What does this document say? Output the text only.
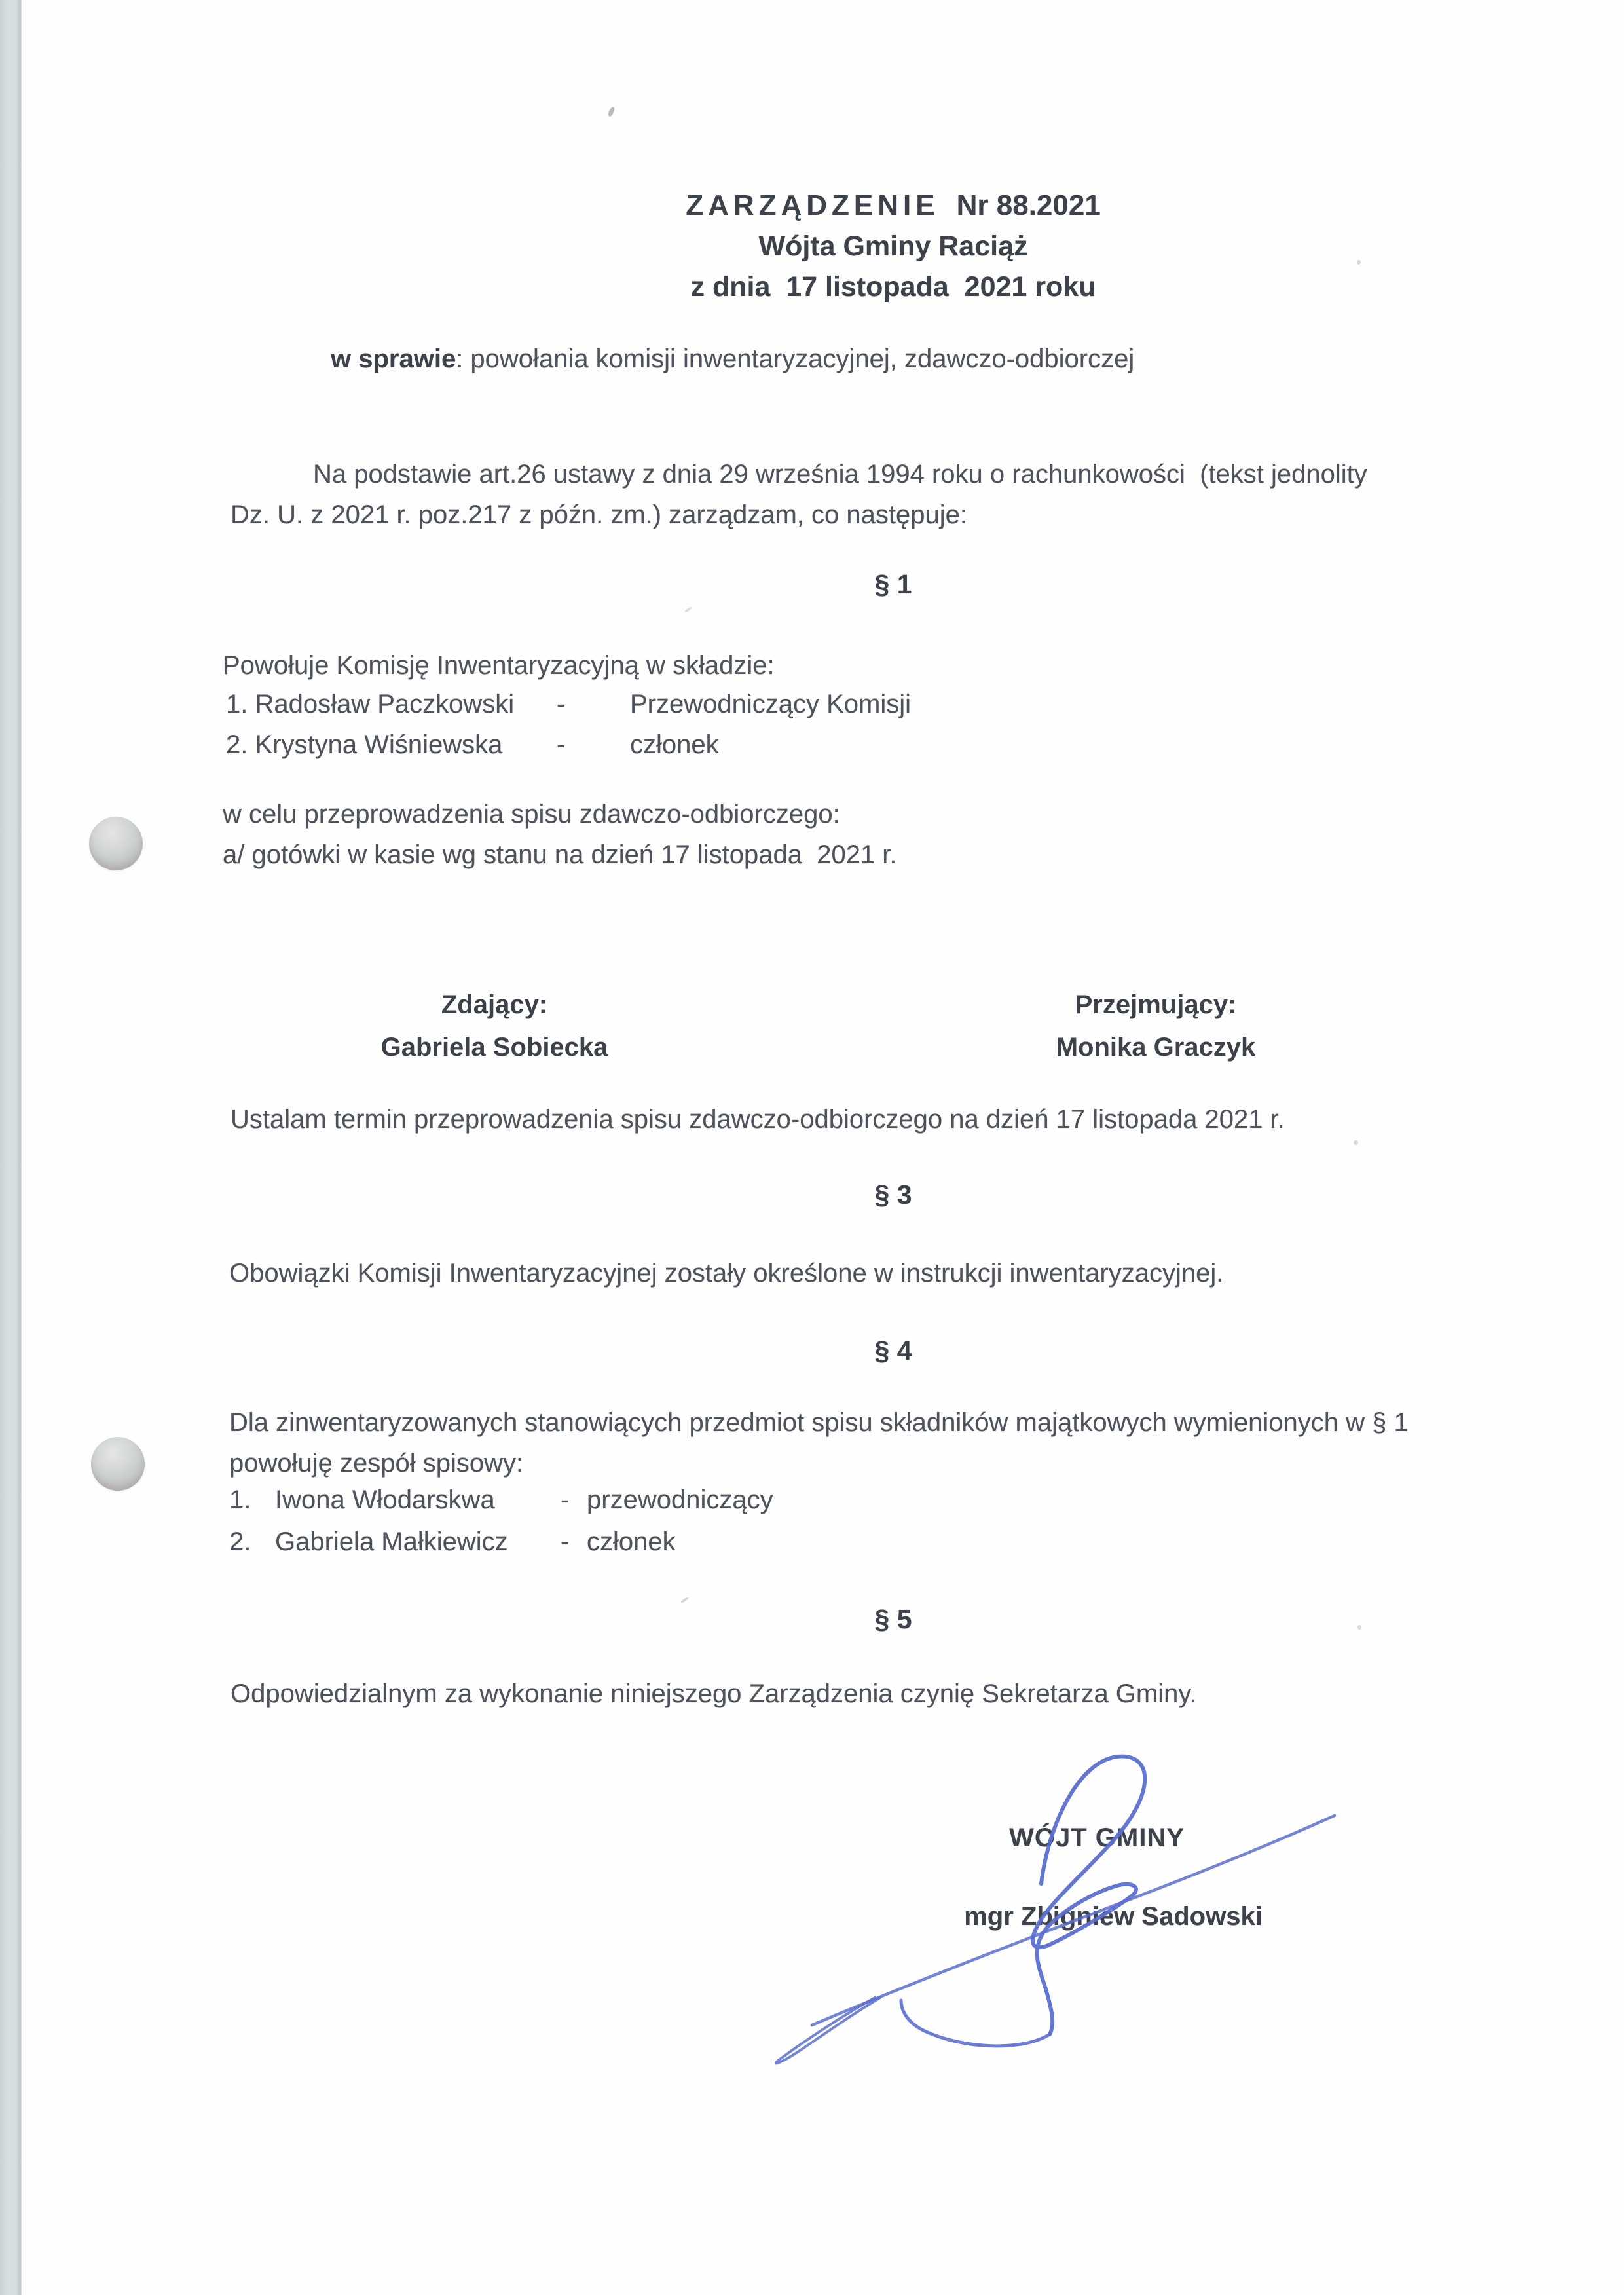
ZARZĄDZENIE Nr 88.2021
Wójta Gminy Raciąż
z dnia  17 listopada  2021 roku
w sprawie: powołania komisji inwentaryzacyjnej, zdawczo-odbiorczej
Na podstawie art.26 ustawy z dnia 29 września 1994 roku o rachunkowości  (tekst jednolity
Dz. U. z 2021 r. poz.217 z późn. zm.) zarządzam, co następuje:
§ 1
Powołuje Komisję Inwentaryzacyjną w składzie:
1. Radosław Paczkowski	-	Przewodniczący Komisji
2. Krystyna Wiśniewska	-	członek
w celu przeprowadzenia spisu zdawczo-odbiorczego:
a/ gotówki w kasie wg stanu na dzień 17 listopada  2021 r.
Zdający:
Gabriela Sobiecka
Przejmujący:
Monika Graczyk
Ustalam termin przeprowadzenia spisu zdawczo-odbiorczego na dzień 17 listopada 2021 r.
§ 3
Obowiązki Komisji Inwentaryzacyjnej zostały określone w instrukcji inwentaryzacyjnej.
§ 4
Dla zinwentaryzowanych stanowiących przedmiot spisu składników majątkowych wymienionych w § 1
powołuję zespół spisowy:
1. Iwona Włodarskwa	- przewodniczący
2. Gabriela Małkiewicz	- członek
§ 5
Odpowiedzialnym za wykonanie niniejszego Zarządzenia czynię Sekretarza Gminy.
WÓJT GMINY
mgr Zbigniew Sadowski
